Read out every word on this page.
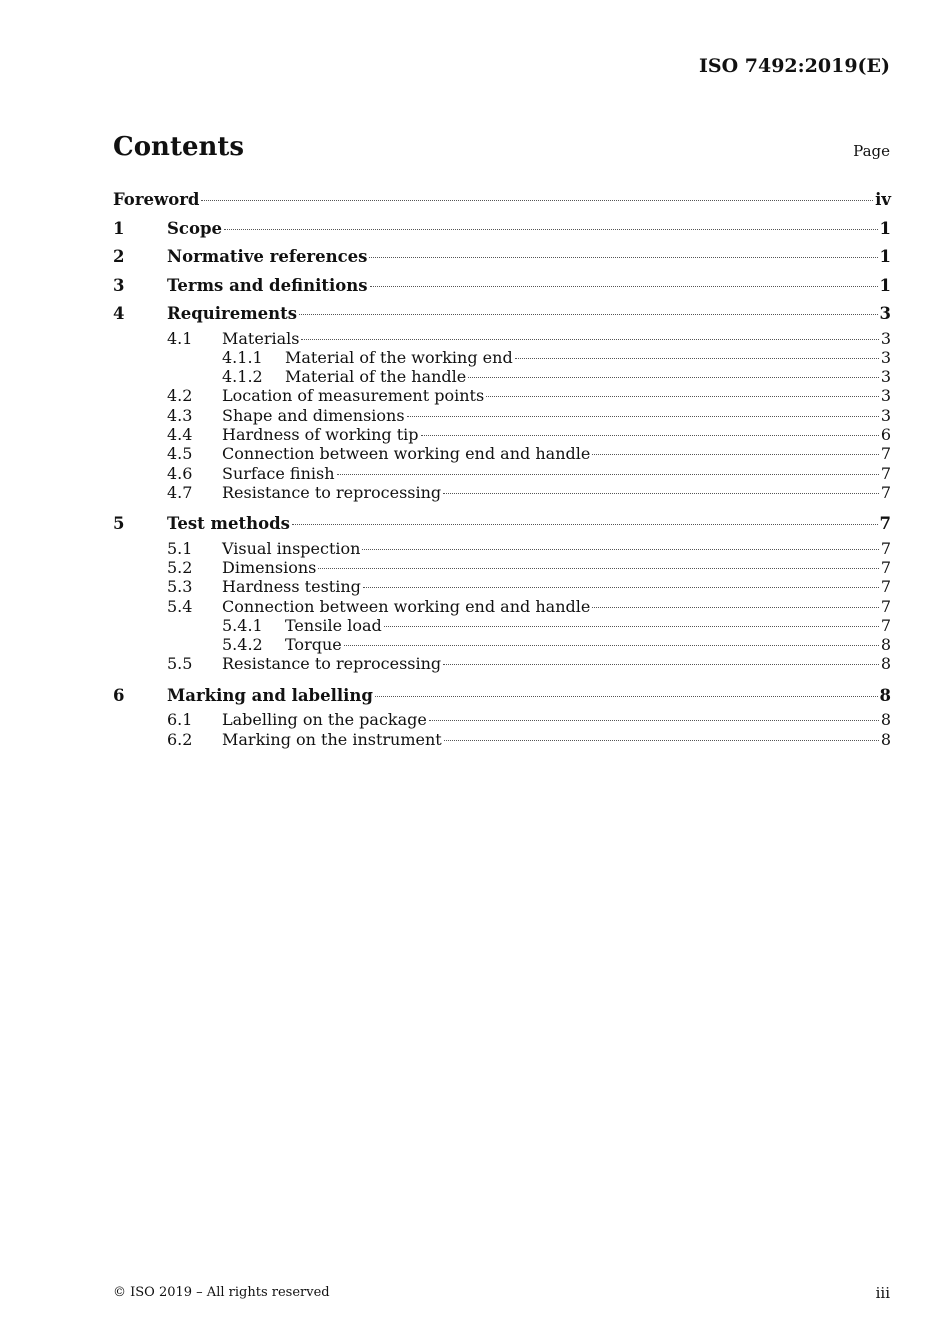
ISO 7492:2019(E)
Contents	Page
Foreword	iv
1	Scope	1
2	Normative references	1
3	Terms and definitions	1
4	Requirements	3
4.1	Materials	3
4.1.1	Material of the working end	3
4.1.2	Material of the handle	3
4.2	Location of measurement points	3
4.3	Shape and dimensions	3
4.4	Hardness of working tip	6
4.5	Connection between working end and handle	7
4.6	Surface finish	7
4.7	Resistance to reprocessing	7
5	Test methods	7
5.1	Visual inspection	7
5.2	Dimensions	7
5.3	Hardness testing	7
5.4	Connection between working end and handle	7
5.4.1	Tensile load	7
5.4.2	Torque	8
5.5	Resistance to reprocessing	8
6	Marking and labelling	8
6.1	Labelling on the package	8
6.2	Marking on the instrument	8
© ISO 2019 – All rights reserved	iii
